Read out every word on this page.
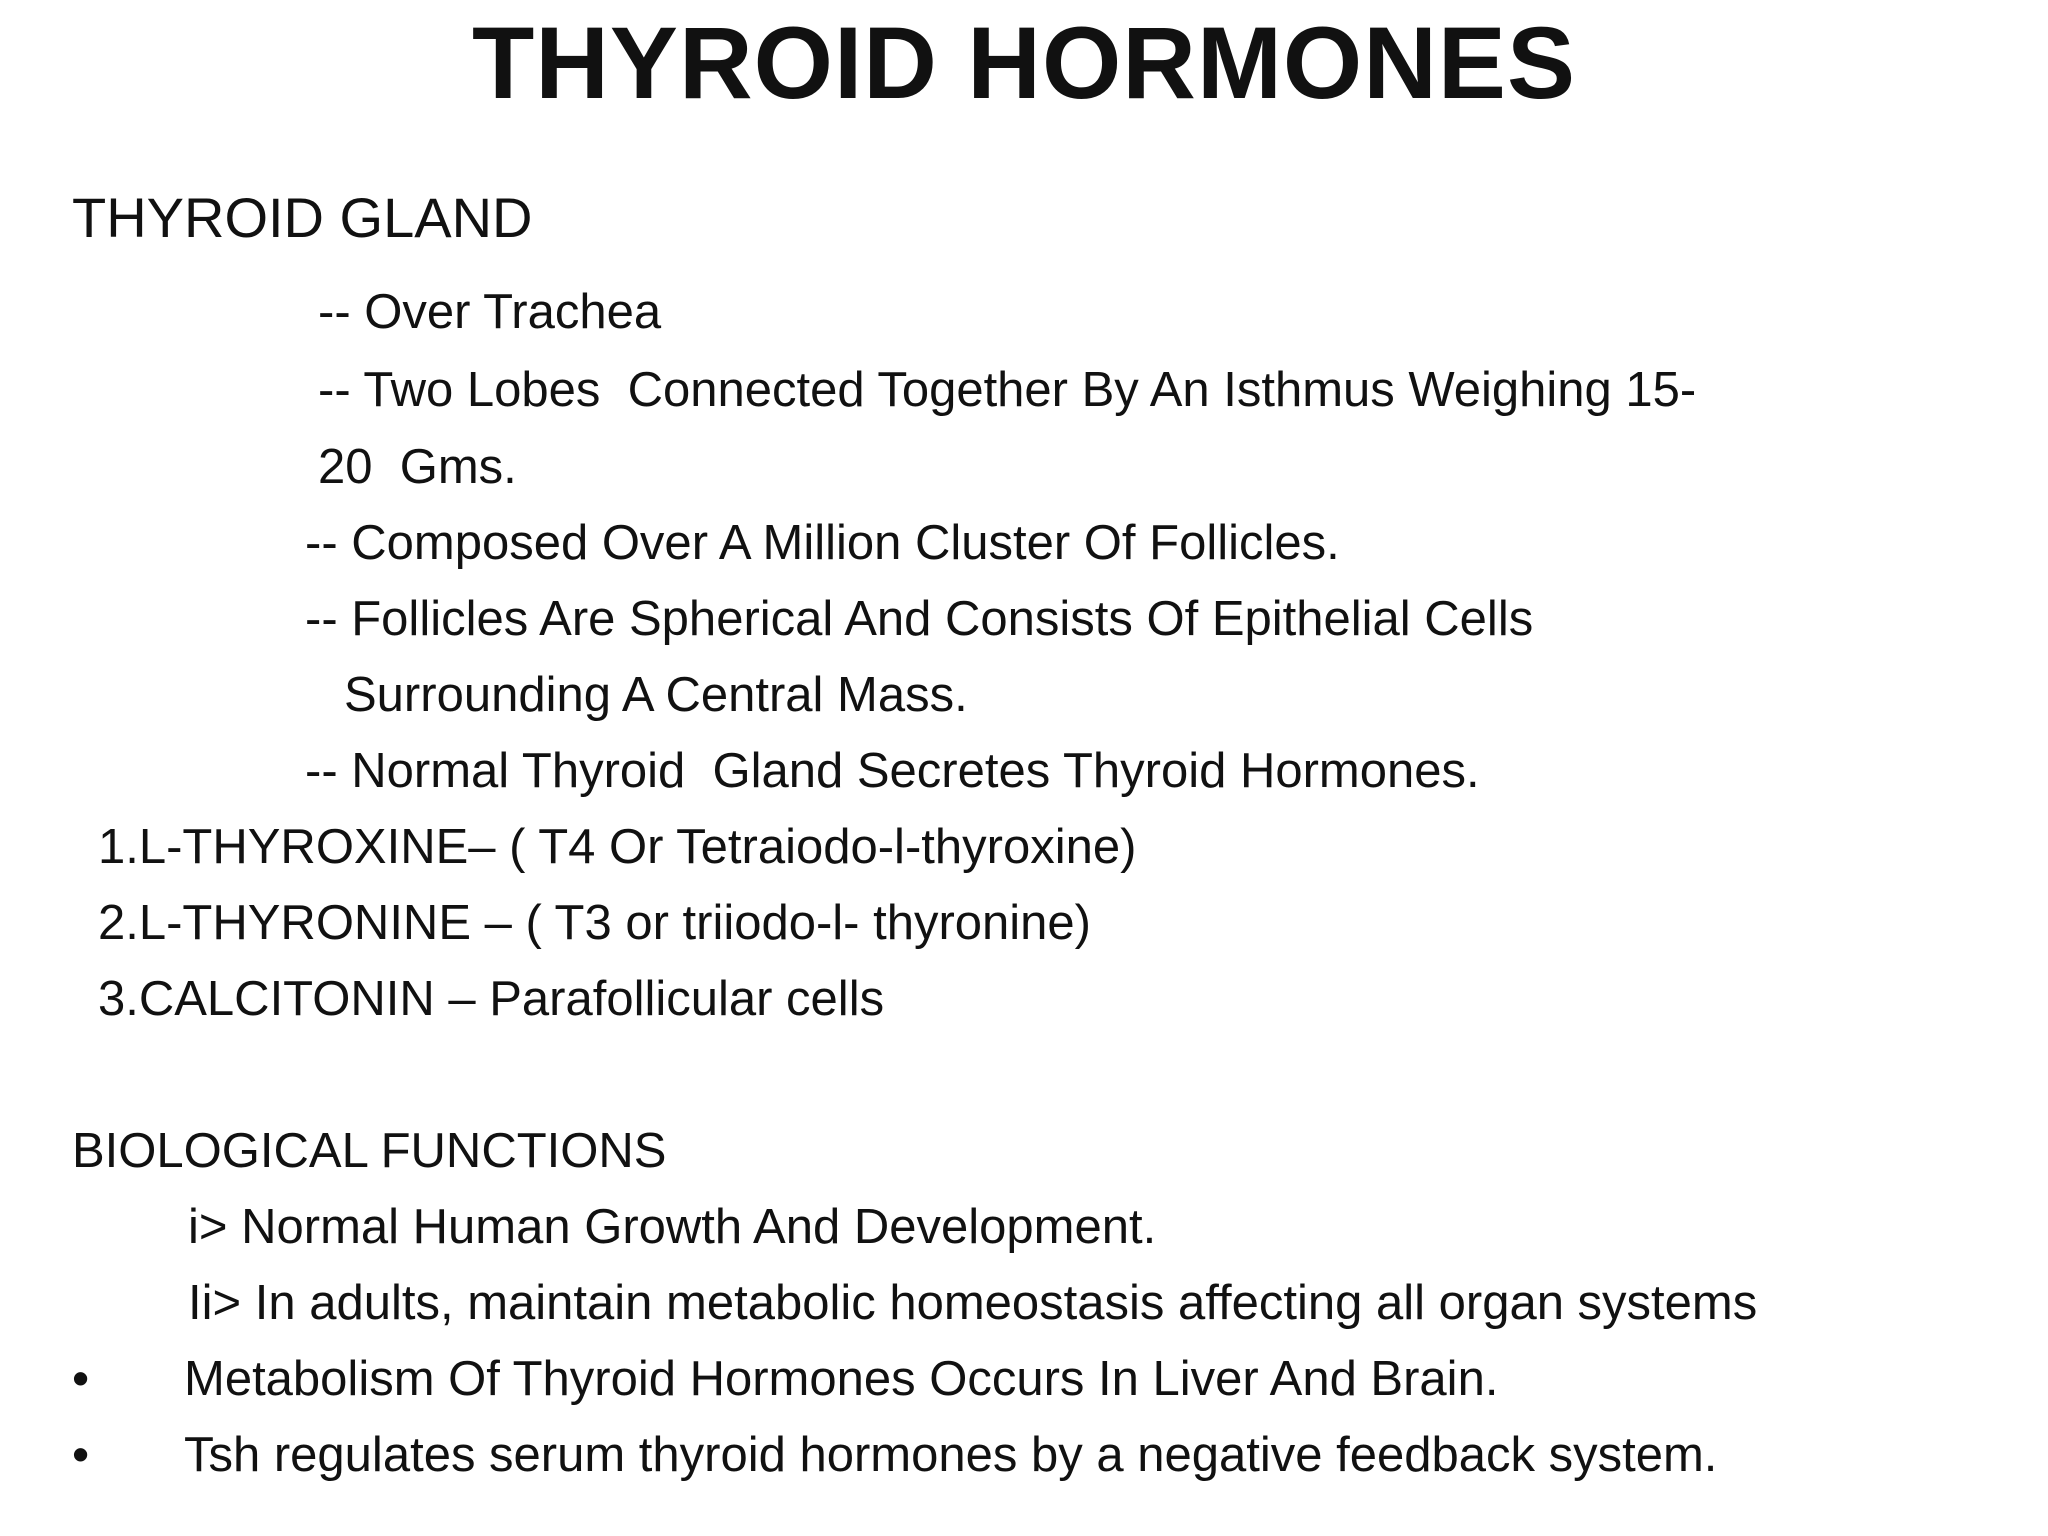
THYROID HORMONES
THYROID GLAND
-- Over Trachea
-- Two Lobes  Connected Together By An Isthmus Weighing 15-
20  Gms.
-- Composed Over A Million Cluster Of Follicles.
-- Follicles Are Spherical And Consists Of Epithelial Cells
Surrounding A Central Mass.
-- Normal Thyroid  Gland Secretes Thyroid Hormones.
1.L-THYROXINE– ( T4 Or Tetraiodo-l-thyroxine)
2.L-THYRONINE – ( T3 or triiodo-l- thyronine)
3.CALCITONIN – Parafollicular cells
BIOLOGICAL FUNCTIONS
i> Normal Human Growth And Development.
Ii> In adults, maintain metabolic homeostasis affecting all organ systems
• Metabolism Of Thyroid Hormones Occurs In Liver And Brain.
• Tsh regulates serum thyroid hormones by a negative feedback system.
